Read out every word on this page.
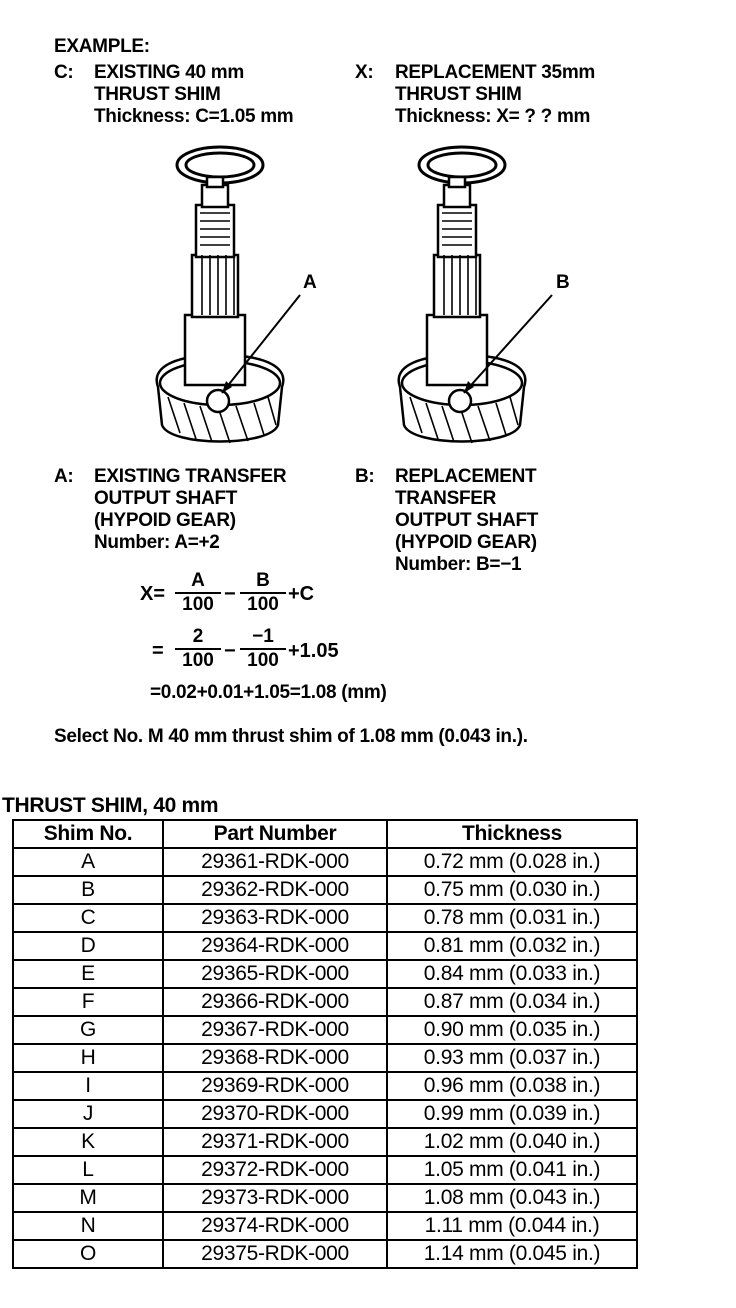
EXAMPLE:
C: EXISTING 40 mm
THRUST SHIM
Thickness: C=1.05 mm
X: REPLACEMENT 35mm
THRUST SHIM
Thickness: X= ? ? mm
A	B
A: EXISTING TRANSFER
OUTPUT SHAFT
(HYPOID GEAR)
Number: A=+2
B: REPLACEMENT
TRANSFER
OUTPUT SHAFT
(HYPOID GEAR)
Number: B=−1
$X= \frac{A}{100} - \frac{B}{100} +C$
= $\frac{2}{100} - \frac{-1}{100} +1.05$
=0.02+0.01+1.05=1.08 (mm)
Select No. M 40 mm thrust shim of 1.08 mm (0.043 in.).
THRUST SHIM, 40 mm
Shim No.	Part Number	Thickness
A	29361-RDK-000	0.72 mm (0.028 in.)
B	29362-RDK-000	0.75 mm (0.030 in.)
C	29363-RDK-000	0.78 mm (0.031 in.)
D	29364-RDK-000	0.81 mm (0.032 in.)
E	29365-RDK-000	0.84 mm (0.033 in.)
F	29366-RDK-000	0.87 mm (0.034 in.)
G	29367-RDK-000	0.90 mm (0.035 in.)
H	29368-RDK-000	0.93 mm (0.037 in.)
I	29369-RDK-000	0.96 mm (0.038 in.)
J	29370-RDK-000	0.99 mm (0.039 in.)
K	29371-RDK-000	1.02 mm (0.040 in.)
L	29372-RDK-000	1.05 mm (0.041 in.)
M	29373-RDK-000	1.08 mm (0.043 in.)
N	29374-RDK-000	1.11 mm (0.044 in.)
O	29375-RDK-000	1.14 mm (0.045 in.)
